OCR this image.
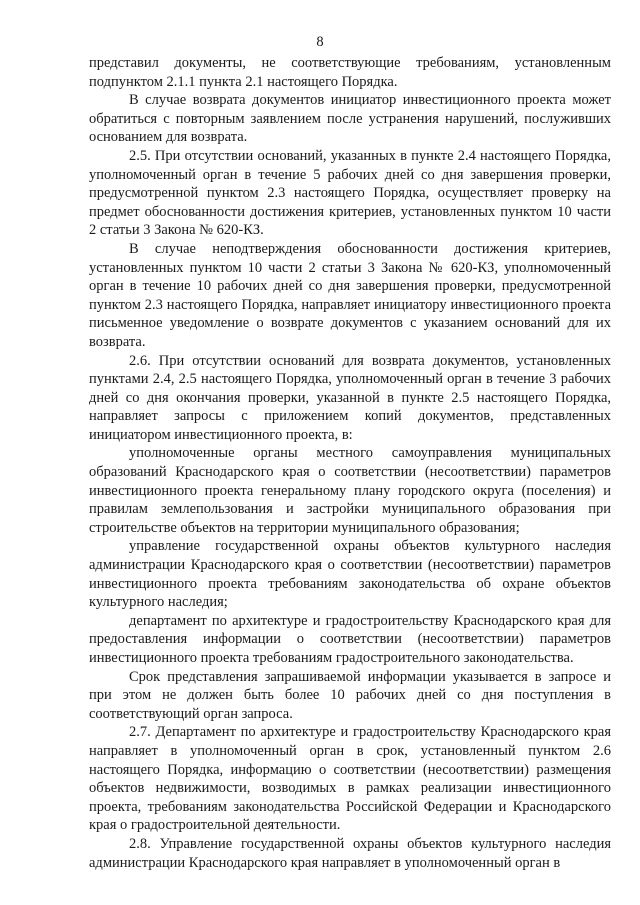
8

представил документы, не соответствующие требованиям, установленным подпунктом 2.1.1 пункта 2.1 настоящего Порядка.

В случае возврата документов инициатор инвестиционного проекта может обратиться с повторным заявлением после устранения нарушений, послуживших основанием для возврата.

2.5. При отсутствии оснований, указанных в пункте 2.4 настоящего Порядка, уполномоченный орган в течение 5 рабочих дней со дня завершения проверки, предусмотренной пунктом 2.3 настоящего Порядка, осуществляет проверку на предмет обоснованности достижения критериев, установленных пунктом 10 части 2 статьи 3 Закона № 620-КЗ.

В случае неподтверждения обоснованности достижения критериев, установленных пунктом 10 части 2 статьи 3 Закона № 620-КЗ, уполномоченный орган в течение 10 рабочих дней со дня завершения проверки, предусмотренной пунктом 2.3 настоящего Порядка, направляет инициатору инвестиционного проекта письменное уведомление о возврате документов с указанием оснований для их возврата.

2.6. При отсутствии оснований для возврата документов, установленных пунктами 2.4, 2.5 настоящего Порядка, уполномоченный орган в течение 3 рабочих дней со дня окончания проверки, указанной в пункте 2.5 настоящего Порядка, направляет запросы с приложением копий документов, представленных инициатором инвестиционного проекта, в:

уполномоченные органы местного самоуправления муниципальных образований Краснодарского края о соответствии (несоответствии) параметров инвестиционного проекта генеральному плану городского округа (поселения) и правилам землепользования и застройки муниципального образования при строительстве объектов на территории муниципального образования;

управление государственной охраны объектов культурного наследия администрации Краснодарского края о соответствии (несоответствии) параметров инвестиционного проекта требованиям законодательства об охране объектов культурного наследия;

департамент по архитектуре и градостроительству Краснодарского края для предоставления информации о соответствии (несоответствии) параметров инвестиционного проекта требованиям градостроительного законодательства.

Срок представления запрашиваемой информации указывается в запросе и при этом не должен быть более 10 рабочих дней со дня поступления в соответствующий орган запроса.

2.7. Департамент по архитектуре и градостроительству Краснодарского края направляет в уполномоченный орган в срок, установленный пунктом 2.6 настоящего Порядка, информацию о соответствии (несоответствии) размещения объектов недвижимости, возводимых в рамках реализации инвестиционного проекта, требованиям законодательства Российской Федерации и Краснодарского края о градостроительной деятельности.

2.8. Управление государственной охраны объектов культурного наследия администрации Краснодарского края направляет в уполномоченный орган в
